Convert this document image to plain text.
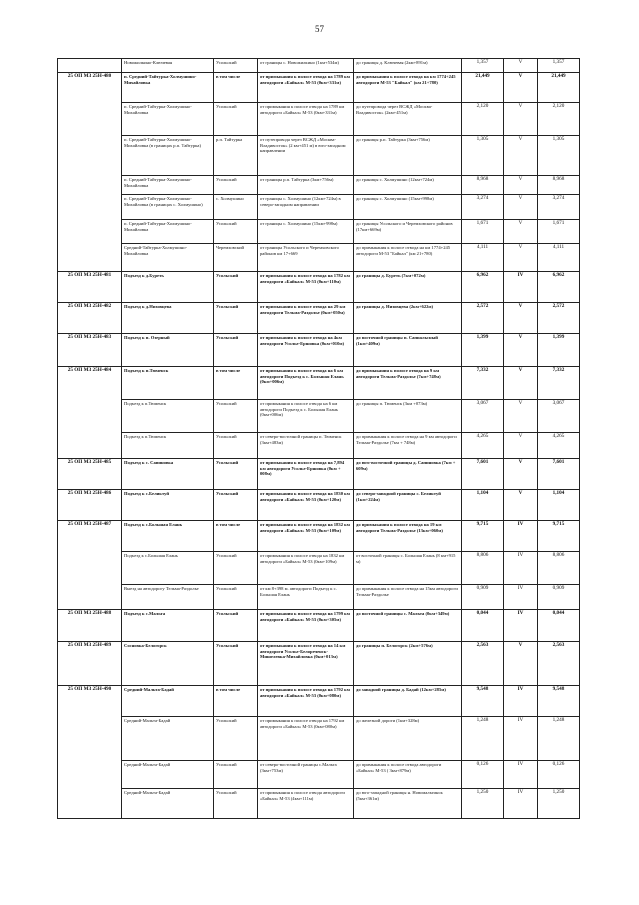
57
	Новожилкино-Ключевая	Усольский	от границы с. Новожилкино (1км+534м)	до границы д. Ключевая (2км+891м)	1,357	V	1,357
25 ОП МЗ 25Н-480	п. Средний-Тайтурка-Холмушино-Михайловка	в том числе	от примыкания к полосе отвода на 1789 км автодороги «Байкал» М-53 (0км+331м)	до примыкания к полосе отвода на км 1774+245 автодороги М-53 "Байкал" (км 21+780)	21,449	V	21,449
	п. Средний-Тайтурка-Холмушино-Михайловка	Усольский	от примыкания к полосе отвода на 1789 км автодороги «Байкал» М-53 (0км+331м)	до путепровода через ВСЖД «Москва-Владивосток» (2км+451м)	2,120	V	2,120
	п. Средний-Тайтурка-Холмушино-Михайловка (в границах р.п. Тайтурка)	р.п. Тайтурка	от путепровода через ВСЖД «Москва-Владивосток» (2 км+451 м) в юго-западном направлении	до границы р.п. Тайтурка (3км+756м)	1,305	V	1,305
	п. Средний-Тайтурка-Холмушино-Михайловка	Усольский	от границы р.п. Тайтурка (3км+756м)	до границы с. Холмушино (12км+724м)	8,968	V	8,968
	п. Средний-Тайтурка-Холмушино-Михайловка (в границах с. Холмушино)	с. Холмушино	от границы с. Холмушино (12км+724м) в северо-западном направлении	до границы с. Холмушино (15км+998м)	3,274	V	3,274
	п. Средний-Тайтурка-Холмушино-Михайловка	Усольский	от границы с. Холмушино (15км+998м)	до границы Усольского и Черемховского районов (17км+669м)	1,671	V	1,671
	Средний-Тайтурка-Холмушино-Михайловка	Черемховский	от границы Усольского и Черемховского районов км 17+669	до примыкания к полосе отвода на км 1774+245 автодороги М-53 "Байкал" (км 21+780)	4,111	V	4,111
25 ОП МЗ 25Н-481	Подъезд к д.Буреть	Усольский	от примыкания к полосе отвода на 1782 км автодороги «Байкал» М-53 (0км+110м)	до границы д. Буреть (7км+072м)	6,962	IV	6,962
25 ОП МЗ 25Н-482	Подъезд к д.Низовцева	Усольский	от примыкания к полосе отвода на 29 км автодороги Тельма-Раздолье (0км+050м)	до границы д. Низовцева (2км+622м)	2,572	V	2,572
25 ОП МЗ 25Н-483	Подъезд к п. Озерный	Усольский	от примыкания к полосе отвода на 4км автодороги Усолье-Ершовка (0км+010м)	до восточной границы п. Сапиальсный (1км+409м)	1,399	V	1,399
25 ОП МЗ 25Н-484	Подъезд к п.Тюменск	в том числе	от примыкания к полосе отвода на 6 км автодороги Подъезд к с. Большая Елань (0км+006м)	до примыкания к полосе отвода на 9 км автодороги Тельма-Раздолье (7км+748м)	7,332	V	7,332
	Подъезд к п.Тюменск	Усольский	от примыкания к полосе отвода на 6 км автодороги Подъезд к с. Большая Елань (0км+006м)	до границы п. Тюменск (3км +073м)	3,067	V	3,067
	Подъезд к п.Тюменск	Усольский	от северо-восточной границы п. Тюменск (3км+483м)	до примыкания к полосе отвода на 9 км автодороги Тельма-Раздолье (7км + 748м)	4,265	V	4,265
25 ОП МЗ 25Н-485	Подъезд к с. Сапиновка	Усольский	от примыкания к полосе отвода на 7,894 км автодороги Усолье-Ершовка (0км + 008м)	до юго-восточной границы д. Сапиновка (7км + 609м)	7,601	V	7,601
25 ОП МЗ 25Н-486	Подъезд к с.Беликтуй	Усольский	от примыкания к полосе отвода на 1830 км автодороги «Байкал» М-53 (0км+120м)	до северо-западной границы с. Беликтуй (1км+224м)	1,104	V	1,104
25 ОП МЗ 25Н-487	Подъезд к с.Большая Елань	в том числе	от примыкания к полосе отвода на 1832 км автодороги «Байкал» М-53 (0км+109м)	до примыкания к полосе отвода на 19 км автодороги Тельма-Раздолье (13км+060м)	9,715	IV	9,715
	Подъезд к с.Большая Елань	Усольский	от примыкания к полосе отвода на 1832 км автодороги «Байкал» М-53 (0км+109м)	от восточной границы с. Большая Елань (8 км+915 м)	8,806	IV	8,806
	Выезд на автодорогу Тельма-Раздолье	Усольский	от км 8+398 м. автодороги Подъезд к с. Большая Елань	до примыкания к полосе отвода на 15км автодороги Тельма-Раздолье	0,909	IV	0,909
25 ОП МЗ 25Н-488	Подъезд к с.Мальта	Усольский	от примыкания к полосе отвода на 1799 км автодороги «Байкал» М-53 (0км+305м)	до восточной границы с. Мальта (0км+349м)	0,044	IV	0,044
25 ОП МЗ 25Н-489	Сосновка-Белогорск	Усольский	от примыкания к полосе отвода на 14 км автодороги Усолье-Белореченск-Мишелевка-Михайловка (0км+013м)	до границы п. Белогорск (2км+576м)	2,563	V	2,563
25 ОП МЗ 25Н-490	Средний-Мальта-Бадай	в том числе	от примыкания к полосе отвода на 1792 км автодороги «Байкал» М-53 (0км+080м)	до западной границы д. Бадай (12км+285м)	9,548	IV	9,548
	Средний-Мальта-Бадай	Усольский	от примыкания к полосе отвода на 1792 км автодороги «Байкал» М-53 (0км+080м)	до железной дороги (1км+328м)	1,248	IV	1,248
	Средний-Мальта-Бадай	Усольский	от северо-восточной границы с.Мальта (3км+753м)	до примыкания к полосе отвода автодороги «Байкал» М-53 ( 3км+879м)	0,126	IV	0,126
	Средний-Мальта-Бадай	Усольский	от примыкания к полосе отвода автодороги «Байкал» М-53 (4км+111м)	до юго-западной границы н. Новомальтинск (5км+361м)	1,250	IV	1,250
